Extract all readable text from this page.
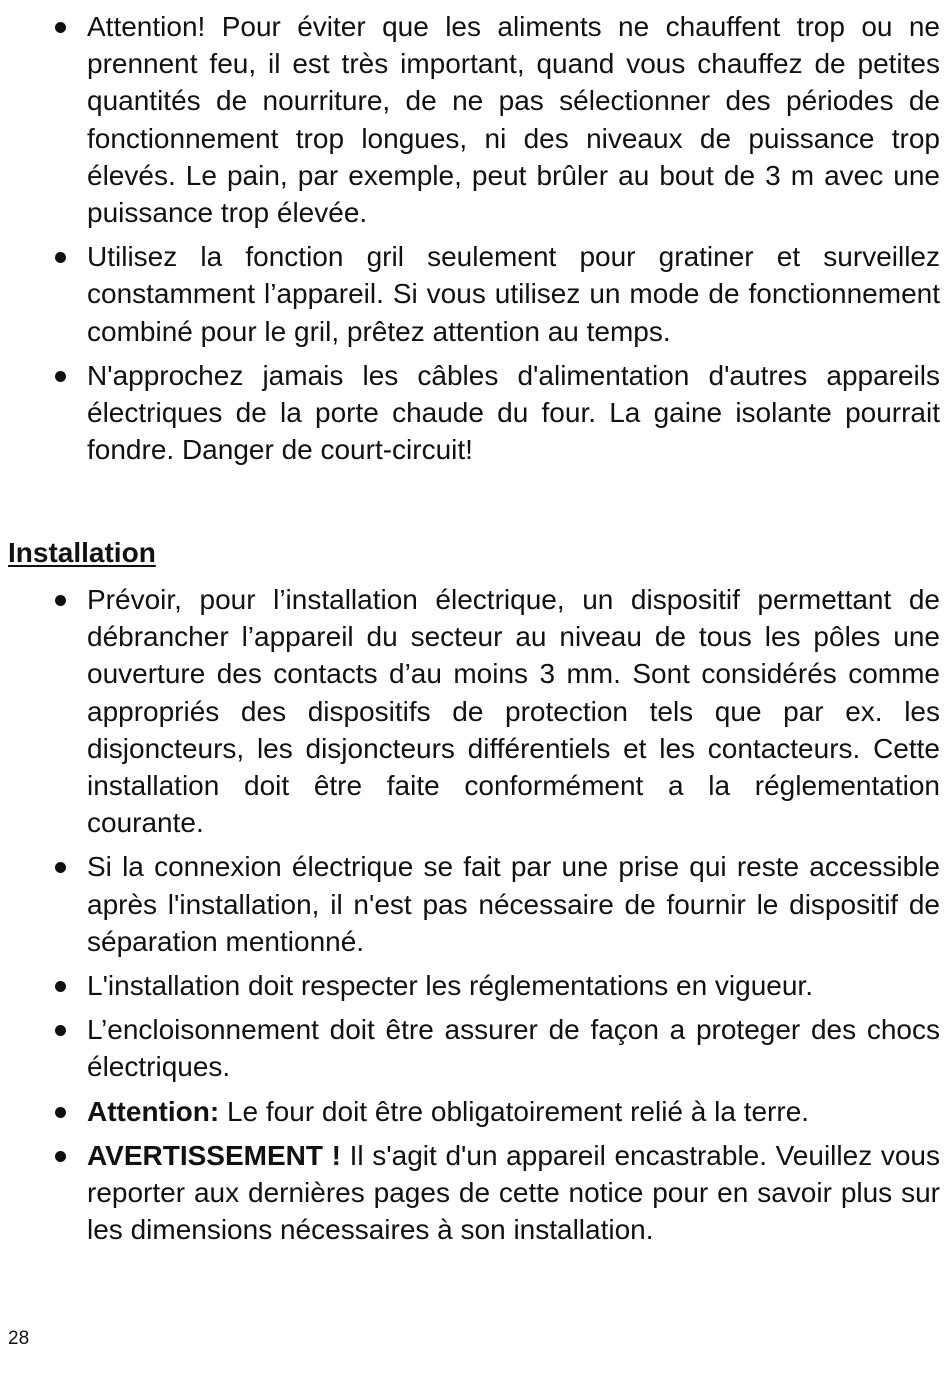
Attention! Pour éviter que les aliments ne chauffent trop ou ne prennent feu, il est très important, quand vous chauffez de petites quantités de nourriture, de ne pas sélectionner des périodes de fonctionnement trop longues, ni des niveaux de puissance trop élevés. Le pain, par exemple, peut brûler au bout de 3 m avec une puissance trop élevée.
Utilisez la fonction gril seulement pour gratiner et surveillez constamment l’appareil. Si vous utilisez un mode de fonctionnement combiné pour le gril, prêtez attention au temps.
N'approchez jamais les câbles d'alimentation d'autres appareils électriques de la porte chaude du four. La gaine isolante pourrait fondre. Danger de court-circuit!
Installation
Prévoir, pour l’installation électrique, un dispositif permettant de débrancher l’appareil du secteur au niveau de tous les pôles une ouverture des contacts d’au moins 3 mm. Sont considérés comme appropriés des dispositifs de protection tels que par ex. les disjoncteurs, les disjoncteurs différentiels et les contacteurs. Cette installation doit être faite conformément a la réglementation courante.
Si la connexion électrique se fait par une prise qui reste accessible après l'installation, il n'est pas nécessaire de fournir le dispositif de séparation mentionné.
L'installation doit respecter les réglementations en vigueur.
L’encloisonnement doit être assurer de façon a proteger des chocs électriques.
Attention: Le four doit être obligatoirement relié à la terre.
AVERTISSEMENT ! Il s'agit d'un appareil encastrable. Veuillez vous reporter aux dernières pages de cette notice pour en savoir plus sur les dimensions nécessaires à son installation.
28
